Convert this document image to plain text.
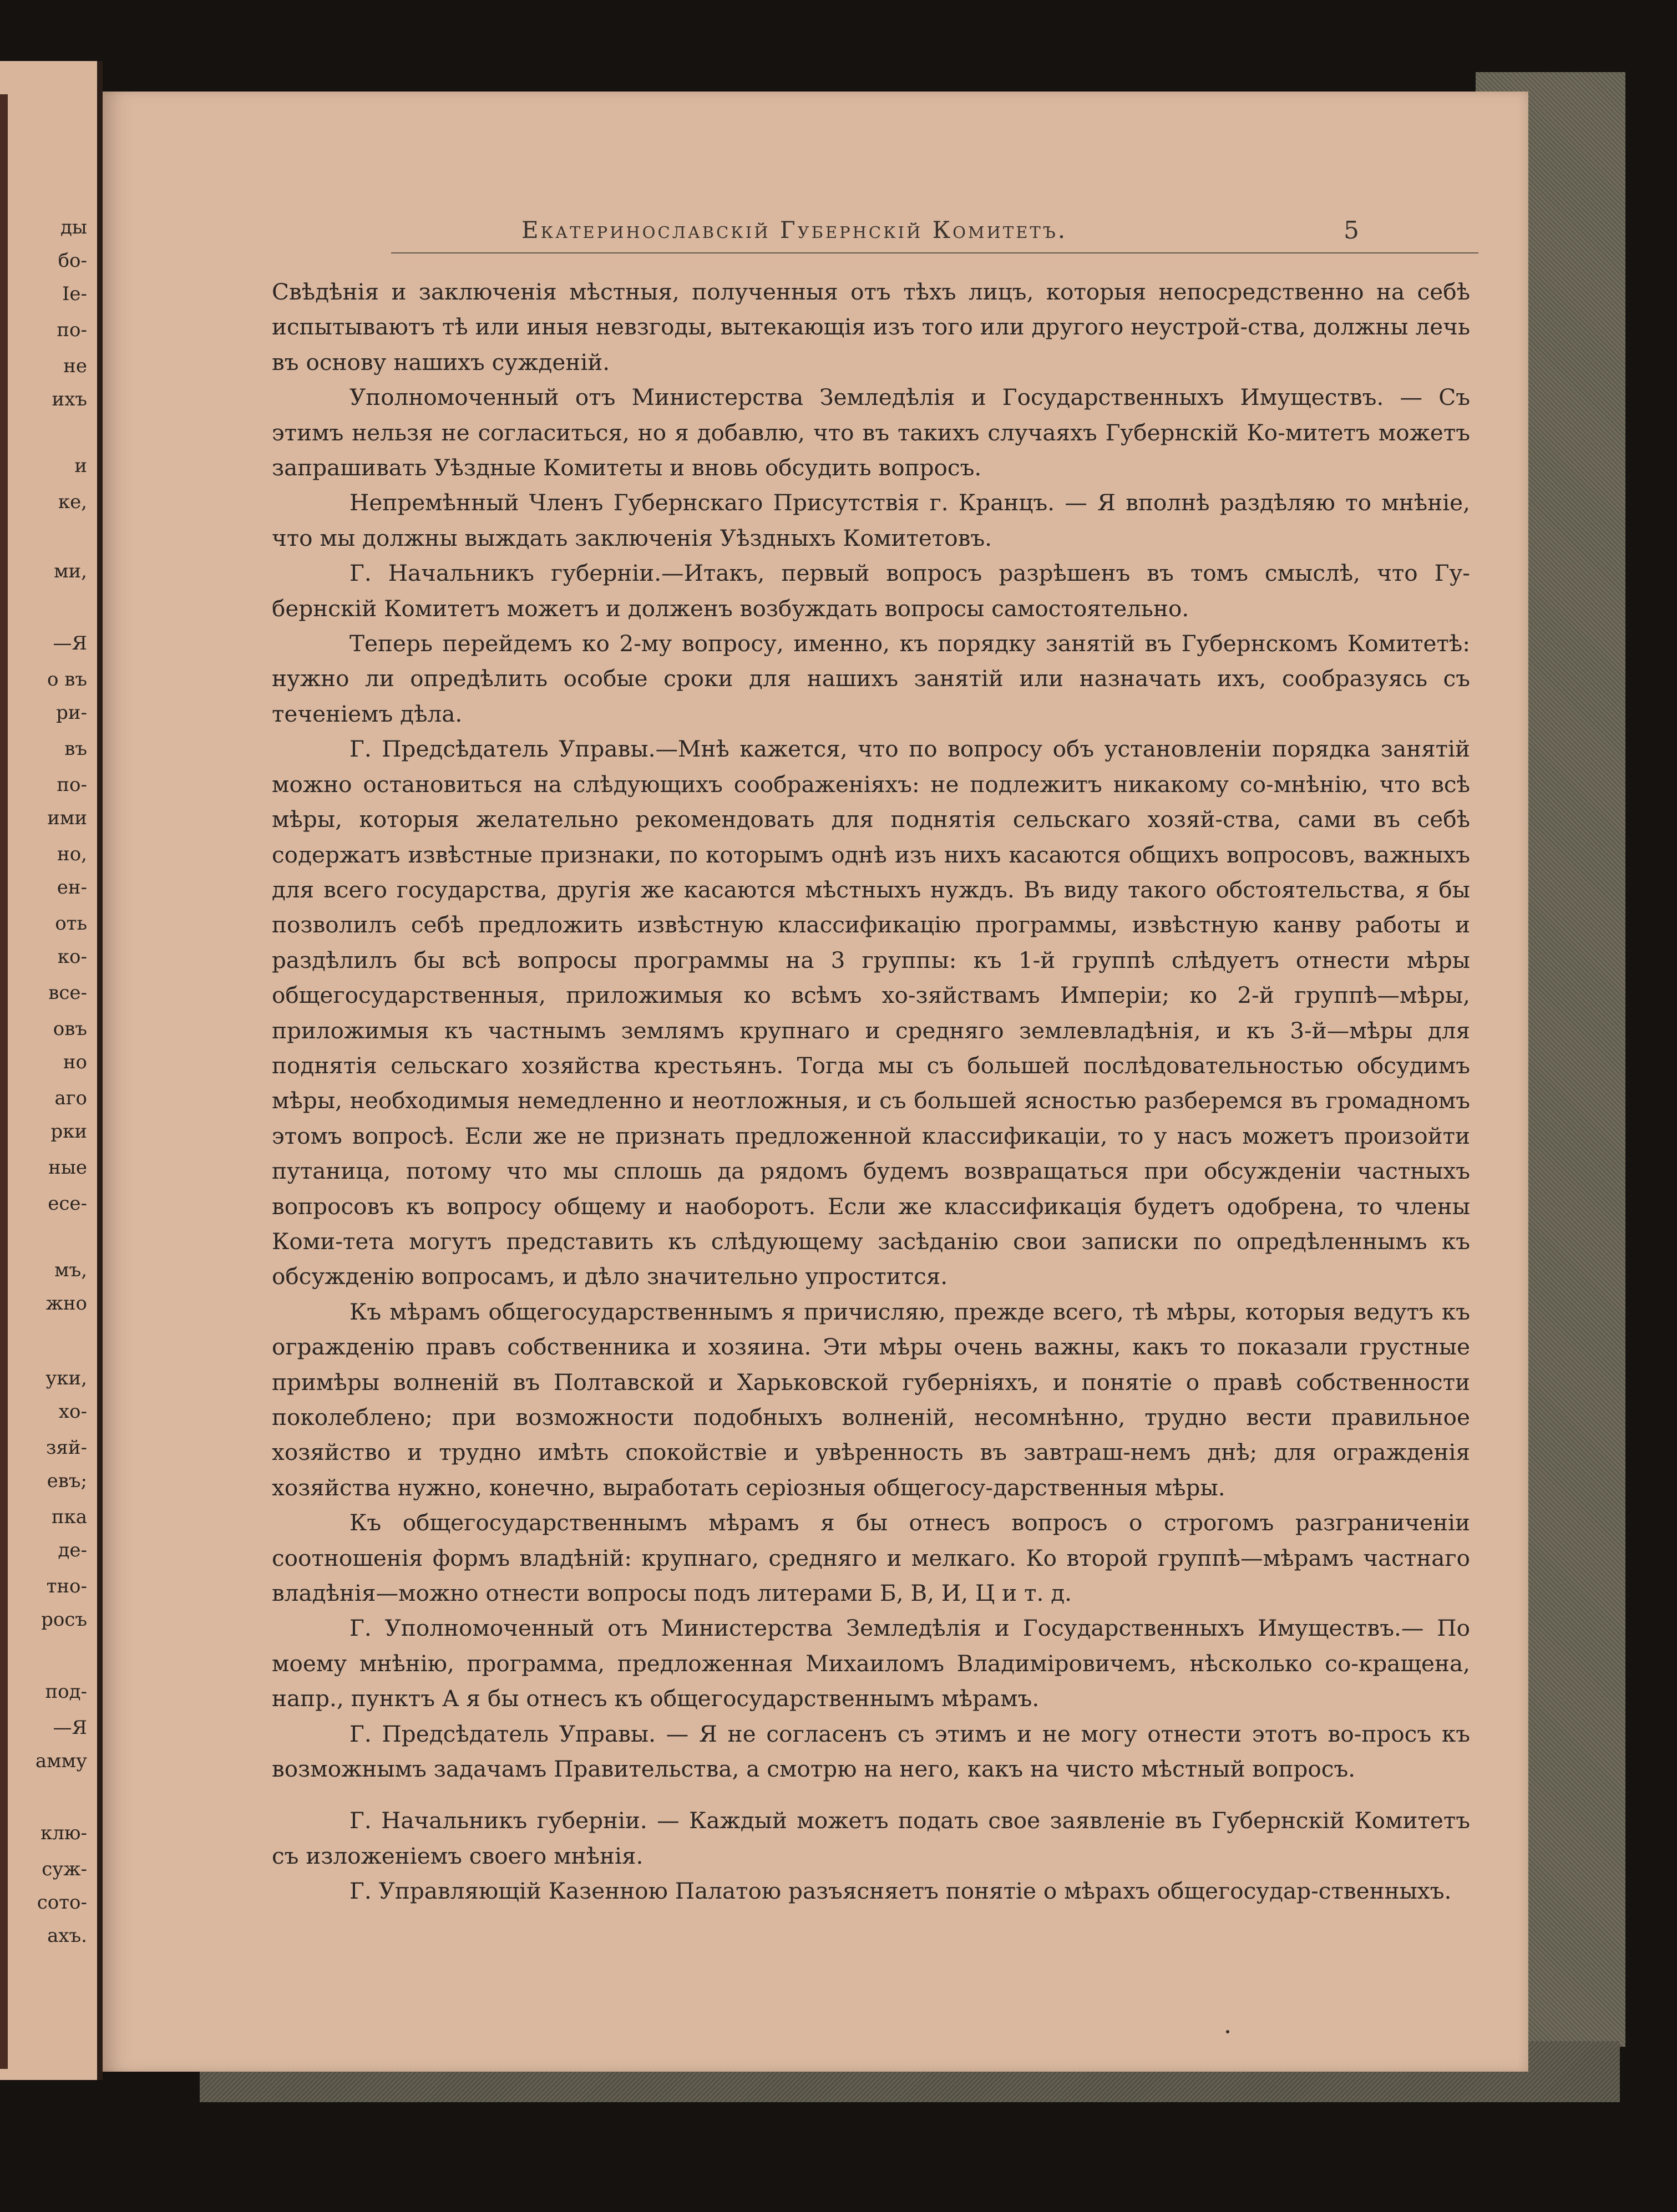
ды
бо-
Ie-
по-
не
ихъ
и
ке,
ми,
—Я
о въ
ри-
въ
по-
ими
но,
ен-
оть
ко-
все-
овъ
но
аго
рки
ные
есе-
мъ,
жно
уки,
хо-
зяй-
евъ;
пка
де-
тно-
росъ
под-
—Я
амму
клю-
суж-
сото-
ахъ.
Екатеринославскій Губернскій Комитетъ.	5

Свѣдѣнія и заключенія мѣстныя, полученныя отъ тѣхъ лицъ, которыя непосредственно на себѣ испытываютъ тѣ или иныя невзгоды, вытекающія изъ того или другого неустрой-ства, должны лечь въ основу нашихъ сужденій.

Уполномоченный отъ Министерства Земледѣлія и Государственныхъ Имуществъ. — Съ этимъ нельзя не согласиться, но я добавлю, что въ такихъ случаяхъ Губернскій Ко-митетъ можетъ запрашивать Уѣздные Комитеты и вновь обсудить вопросъ.

Непремѣнный Членъ Губернскаго Присутствія г. Кранцъ. — Я вполнѣ раздѣляю то мнѣніе, что мы должны выждать заключенія Уѣздныхъ Комитетовъ.

Г. Начальникъ губерніи.—Итакъ, первый вопросъ разрѣшенъ въ томъ смыслѣ, что Гу-бернскій Комитетъ можетъ и долженъ возбуждать вопросы самостоятельно.

Теперь перейдемъ ко 2-му вопросу, именно, къ порядку занятій въ Губернскомъ Комитетѣ: нужно ли опредѣлить особые сроки для нашихъ занятій или назначать ихъ, сообразуясь съ теченіемъ дѣла.

Г. Предсѣдатель Управы.—Мнѣ кажется, что по вопросу объ установленіи порядка занятій можно остановиться на слѣдующихъ соображеніяхъ: не подлежитъ никакому со-мнѣнію, что всѣ мѣры, которыя желательно рекомендовать для поднятія сельскаго хозяй-ства, сами въ себѣ содержатъ извѣстные признаки, по которымъ однѣ изъ нихъ касаются общихъ вопросовъ, важныхъ для всего государства, другія же касаются мѣстныхъ нуждъ. Въ виду такого обстоятельства, я бы позволилъ себѣ предложить извѣстную классификацію программы, извѣстную канву работы и раздѣлилъ бы всѣ вопросы программы на 3 группы: къ 1-й группѣ слѣдуетъ отнести мѣры общегосударственныя, приложимыя ко всѣмъ хо-зяйствамъ Имперіи; ко 2-й группѣ—мѣры, приложимыя къ частнымъ землямъ крупнаго и средняго землевладѣнія, и къ 3-й—мѣры для поднятія сельскаго хозяйства крестьянъ. Тогда мы съ большей послѣдовательностью обсудимъ мѣры, необходимыя немедленно и неотложныя, и съ большей ясностью разберемся въ громадномъ этомъ вопросѣ. Если же не признать предложенной классификаціи, то у насъ можетъ произойти путаница, потому что мы сплошь да рядомъ будемъ возвращаться при обсужденіи частныхъ вопросовъ къ вопросу общему и наоборотъ. Если же классификація будетъ одобрена, то члены Коми-тета могутъ представить къ слѣдующему засѣданію свои записки по опредѣленнымъ къ обсужденію вопросамъ, и дѣло значительно упростится.

Къ мѣрамъ общегосударственнымъ я причисляю, прежде всего, тѣ мѣры, которыя ведутъ къ огражденію правъ собственника и хозяина. Эти мѣры очень важны, какъ то показали грустные примѣры волненій въ Полтавской и Харьковской губерніяхъ, и понятіе о правѣ собственности поколеблено; при возможности подобныхъ волненій, несомнѣнно, трудно вести правильное хозяйство и трудно имѣть спокойствіе и увѣренность въ завтраш-немъ днѣ; для огражденія хозяйства нужно, конечно, выработать серіозныя общегосу-дарственныя мѣры.

Къ общегосударственнымъ мѣрамъ я бы отнесъ вопросъ о строгомъ разграниченіи соотношенія формъ владѣній: крупнаго, средняго и мелкаго. Ко второй группѣ—мѣрамъ частнаго владѣнія—можно отнести вопросы подъ литерами Б, В, И, Ц и т. д.

Г. Уполномоченный отъ Министерства Земледѣлія и Государственныхъ Имуществъ.— По моему мнѣнію, программа, предложенная Михаиломъ Владиміровичемъ, нѣсколько со-кращена, напр., пунктъ А я бы отнесъ къ общегосударственнымъ мѣрамъ.

Г. Предсѣдатель Управы. — Я не согласенъ съ этимъ и не могу отнести этотъ во-просъ къ возможнымъ задачамъ Правительства, а смотрю на него, какъ на чисто мѣстный вопросъ.

Г. Начальникъ губерніи. — Каждый можетъ подать свое заявленіе въ Губернскій Комитетъ съ изложеніемъ своего мнѣнія.

Г. Управляющій Казенною Палатою разъясняетъ понятіе о мѣрахъ общегосудар-ственныхъ.
